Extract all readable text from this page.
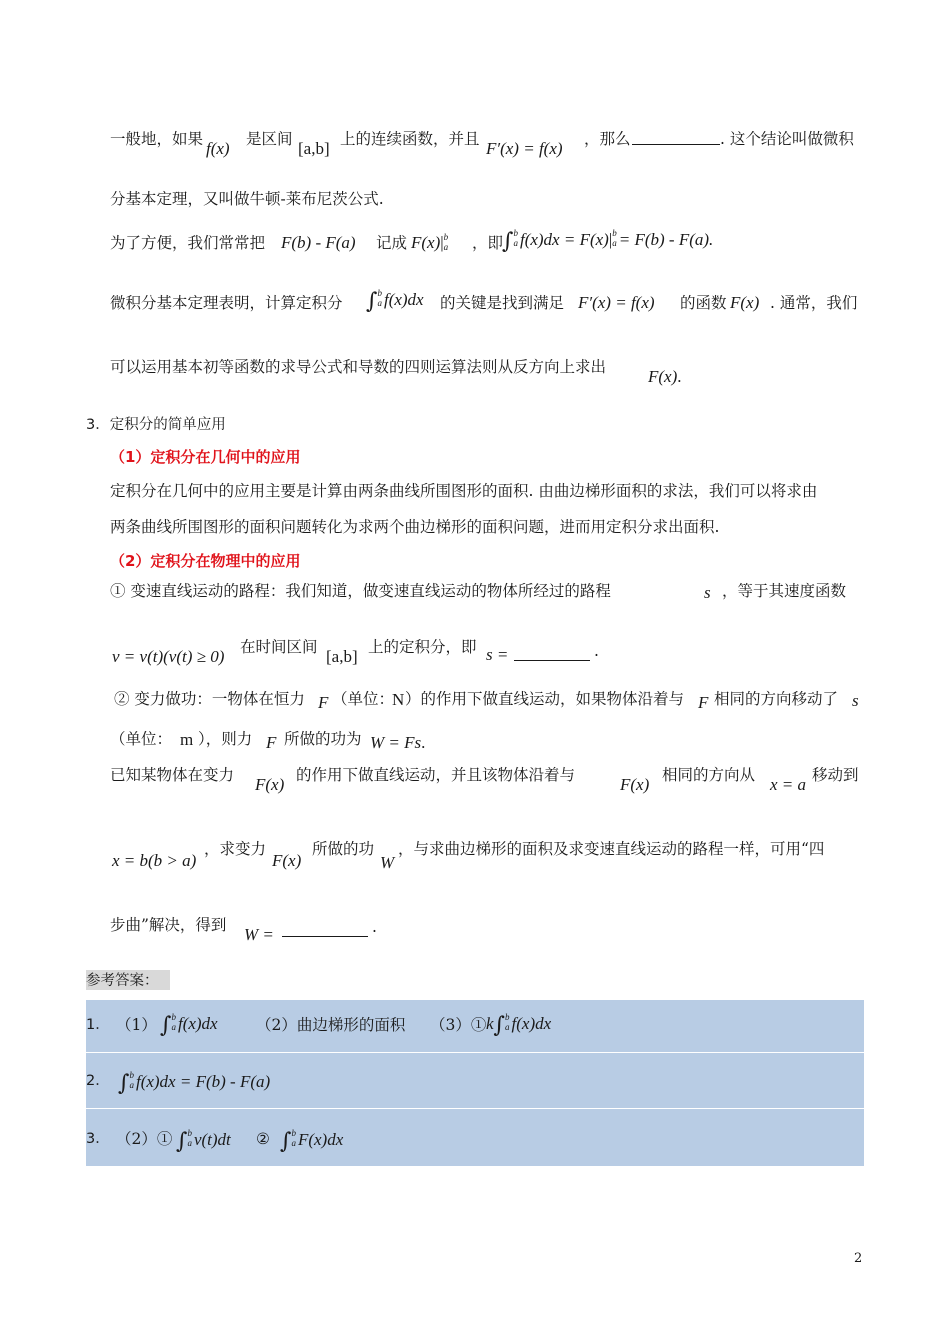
一般地，如果 f(x) 是区间 [a,b] 上的连续函数，并且 F′(x) = f(x) ，那么	. 这个结论叫做微积
分基本定理，又叫做牛顿-莱布尼茨公式.
为了方便，我们常常把 F(b) - F(a) 记成 F(x)|b
a ，即
∫b
a f(x)dx = F(x)|b
a = F(b) - F(a).
微积分基本定理表明，计算定积分 ∫b
a f(x)dx 的关键是找到满足 F′(x) = f(x) 的函数 F(x) . 通常，我们
可以运用基本初等函数的求导公式和导数的四则运算法则从反方向上求出 F(x).
3．定积分的简单应用
（1）定积分在几何中的应用
定积分在几何中的应用主要是计算由两条曲线所围图形的面积. 由曲边梯形面积的求法，我们可以将求由
两条曲线所围图形的面积问题转化为求两个曲边梯形的面积问题，进而用定积分求出面积.
（2）定积分在物理中的应用
① 变速直线运动的路程：我们知道，做变速直线运动的物体所经过的路程	s ，等于其速度函数
v = v(t)(v(t) ≥ 0) 在时间区间 [a,b] 上的定积分，即 s =	.
② 变力做功：一物体在恒力 F （单位：
N ）的作用下做直线运动，如果物体沿着与 F 相同的方向移动了 s
（单位： m ），则力 F 所做的功为 W = Fs.
已知某物体在变力 F(x) 的作用下做直线运动，并且该物体沿着与	F(x) 相同的方向从 x = a 移动到
x = b(b > a)
，求变力
F(x)
所做的功
W
，与求曲边梯形的面积及求变速直线运动的路程一样，可用“四
步曲”解决，得到 W =	.
参考答案：
1． （1） ∫b
a f(x)dx （2）曲边梯形的面积 （3）① k∫b
a f(x)dx
2． ∫b
a f(x)dx = F(b) - F(a)
3． （2）① ∫b
a v(t)dt ② ∫b
a F(x)dx
2
